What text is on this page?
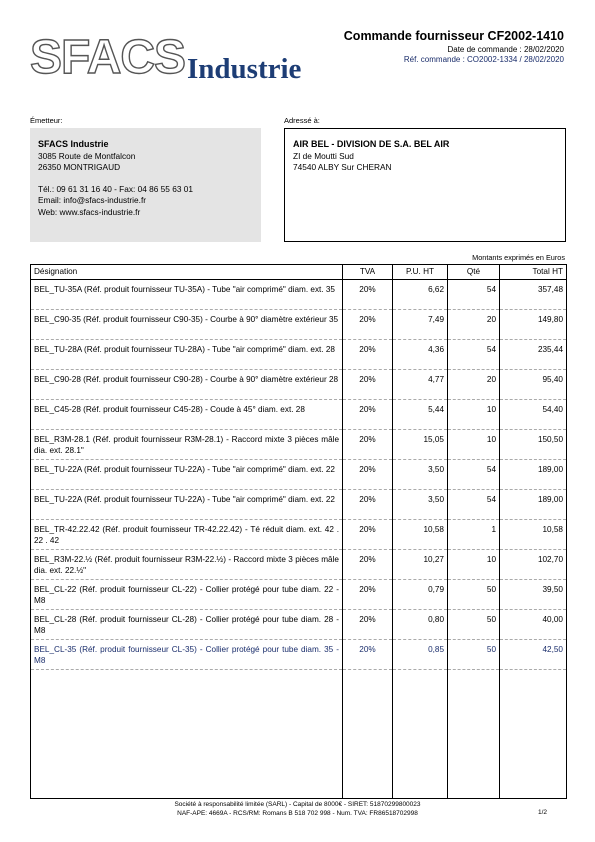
SFACS Industrie
Commande fournisseur CF2002-1410
Date de commande : 28/02/2020
Réf. commande : CO2002-1334 / 28/02/2020
Émetteur:	Adressé à:
SFACS Industrie
3085 Route de Montfalcon
26350 MONTRIGAUD
Tél.: 09 61 31 16 40 - Fax: 04 86 55 63 01
Email: info@sfacs-industrie.fr
Web: www.sfacs-industrie.fr
AIR BEL - DIVISION DE S.A. BEL AIR
ZI de Moutti Sud
74540 ALBY Sur CHERAN
Montants exprimés en Euros
Désignation	TVA	P.U. HT	Qté	Total HT
BEL_TU-35A (Réf. produit fournisseur TU-35A) - Tube "air comprimé" diam. ext. 35	20%	6,62	54	357,48
BEL_C90-35 (Réf. produit fournisseur C90-35) - Courbe à 90° diamètre extérieur 35	20%	7,49	20	149,80
BEL_TU-28A (Réf. produit fournisseur TU-28A) - Tube "air comprimé" diam. ext. 28	20%	4,36	54	235,44
BEL_C90-28 (Réf. produit fournisseur C90-28) - Courbe à 90° diamètre extérieur 28	20%	4,77	20	95,40
BEL_C45-28 (Réf. produit fournisseur C45-28) - Coude à 45° diam. ext. 28	20%	5,44	10	54,40
BEL_R3M-28.1 (Réf. produit fournisseur R3M-28.1) - Raccord mixte 3 pièces mâle dia. ext. 28.1"	20%	15,05	10	150,50
BEL_TU-22A (Réf. produit fournisseur TU-22A) - Tube "air comprimé" diam. ext. 22	20%	3,50	54	189,00
BEL_TU-22A (Réf. produit fournisseur TU-22A) - Tube "air comprimé" diam. ext. 22	20%	3,50	54	189,00
BEL_TR-42.22.42 (Réf. produit fournisseur TR-42.22.42) - Té réduit diam. ext. 42 . 22 . 42	20%	10,58	1	10,58
BEL_R3M-22.½ (Réf. produit fournisseur R3M-22.½) - Raccord mixte 3 pièces mâle dia. ext. 22.½"	20%	10,27	10	102,70
BEL_CL-22 (Réf. produit fournisseur CL-22) - Collier protégé pour tube diam. 22 - M8	20%	0,79	50	39,50
BEL_CL-28 (Réf. produit fournisseur CL-28) - Collier protégé pour tube diam. 28 - M8	20%	0,80	50	40,00
BEL_CL-35 (Réf. produit fournisseur CL-35) - Collier protégé pour tube diam. 35 - M8	20%	0,85	50	42,50

Société à responsabilité limitée (SARL) - Capital de 8000€ - SIRET: 51870299800023
NAF-APE: 4669A - RCS/RM: Romans B 518 702 998 - Num. TVA: FR86518702998	1/2
